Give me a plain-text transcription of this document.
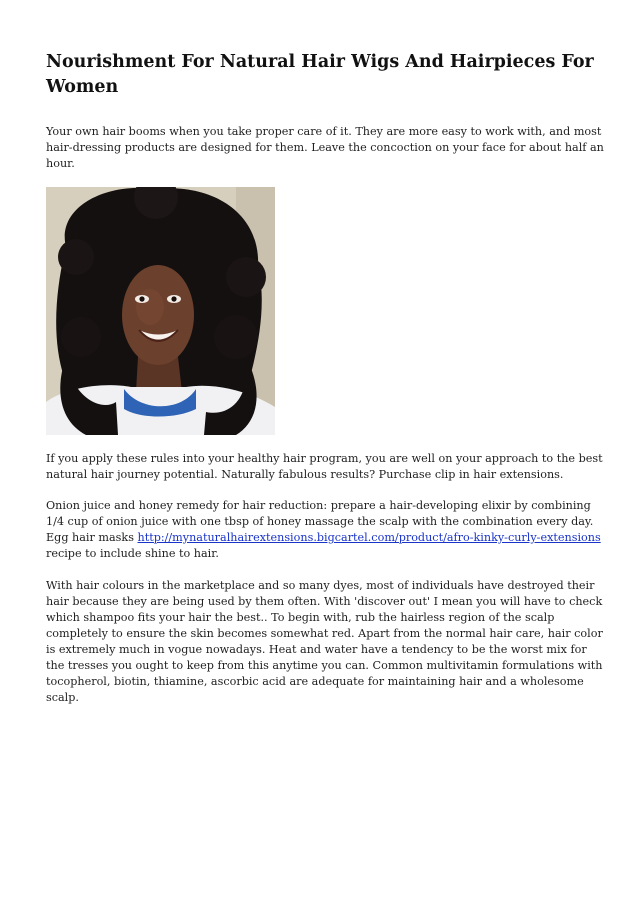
Nourishment For Natural Hair Wigs And Hairpieces For Women

Your own hair booms when you take proper care of it. They are more easy to work with, and most hair-dressing products are designed for them. Leave the concoction on your face for about half an hour.

If you apply these rules into your healthy hair program, you are well on your approach to the best natural hair journey potential. Naturally fabulous results? Purchase clip in hair extensions.

Onion juice and honey remedy for hair reduction: prepare a hair-developing elixir by combining 1/4 cup of onion juice with one tbsp of honey massage the scalp with the combination every day. Egg hair masks http://mynaturalhairextensions.bigcartel.com/product/afro-kinky-curly-extensions recipe to include shine to hair.

With hair colours in the marketplace and so many dyes, most of individuals have destroyed their hair because they are being used by them often. With 'discover out' I mean you will have to check which shampoo fits your hair the best.. To begin with, rub the hairless region of the scalp completely to ensure the skin becomes somewhat red. Apart from the normal hair care, hair color is extremely much in vogue nowadays. Heat and water have a tendency to be the worst mix for the tresses you ought to keep from this anytime you can. Common multivitamin formulations with tocopherol, biotin, thiamine, ascorbic acid are adequate for maintaining hair and a wholesome scalp.
